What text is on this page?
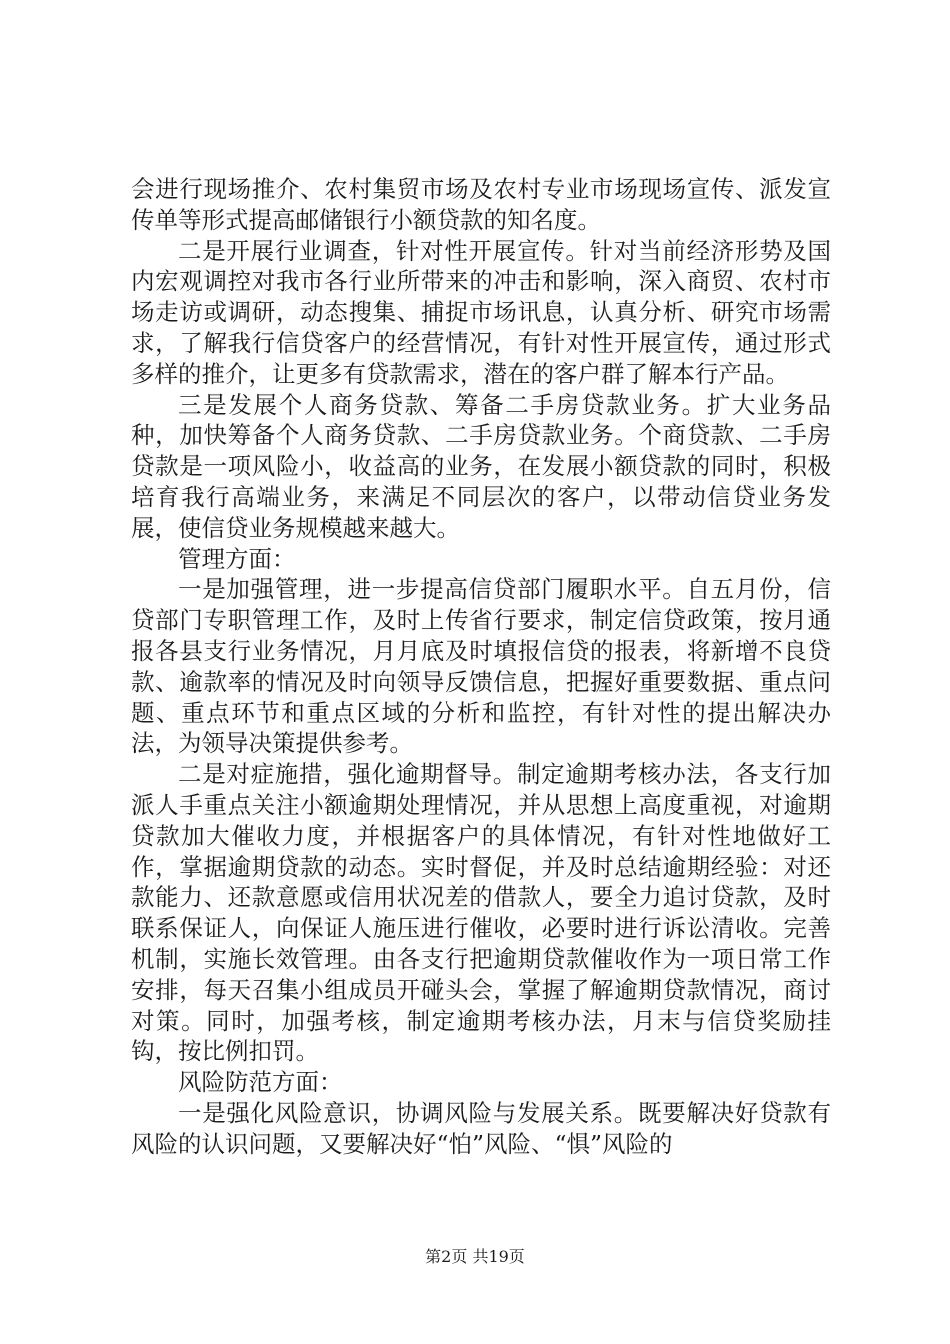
会进行现场推介、农村集贸市场及农村专业市场现场宣传、派发宣传单等形式提高邮储银行小额贷款的知名度。

二是开展行业调查，针对性开展宣传。针对当前经济形势及国内宏观调控对我市各行业所带来的冲击和影响，深入商贸、农村市场走访或调研，动态搜集、捕捉市场讯息，认真分析、研究市场需求，了解我行信贷客户的经营情况，有针对性开展宣传，通过形式多样的推介，让更多有贷款需求，潜在的客户群了解本行产品。

三是发展个人商务贷款、筹备二手房贷款业务。扩大业务品种，加快筹备个人商务贷款、二手房贷款业务。个商贷款、二手房贷款是一项风险小，收益高的业务，在发展小额贷款的同时，积极培育我行高端业务，来满足不同层次的客户，以带动信贷业务发展，使信贷业务规模越来越大。

管理方面：

一是加强管理，进一步提高信贷部门履职水平。自五月份，信贷部门专职管理工作，及时上传省行要求，制定信贷政策，按月通报各县支行业务情况，月月底及时填报信贷的报表，将新增不良贷款、逾款率的情况及时向领导反馈信息，把握好重要数据、重点问题、重点环节和重点区域的分析和监控，有针对性的提出解决办法，为领导决策提供参考。

二是对症施措，强化逾期督导。制定逾期考核办法，各支行加派人手重点关注小额逾期处理情况，并从思想上高度重视，对逾期贷款加大催收力度，并根据客户的具体情况，有针对性地做好工作，掌据逾期贷款的动态。实时督促，并及时总结逾期经验：对还款能力、还款意愿或信用状况差的借款人，要全力追讨贷款，及时联系保证人，向保证人施压进行催收，必要时进行诉讼清收。完善机制，实施长效管理。由各支行把逾期贷款催收作为一项日常工作安排，每天召集小组成员开碰头会，掌握了解逾期贷款情况，商讨对策。同时，加强考核，制定逾期考核办法，月末与信贷奖励挂钩，按比例扣罚。

风险防范方面：

一是强化风险意识，协调风险与发展关系。既要解决好贷款有风险的认识问题，又要解决好“怕”风险、“惧”风险的

第2页 共19页
